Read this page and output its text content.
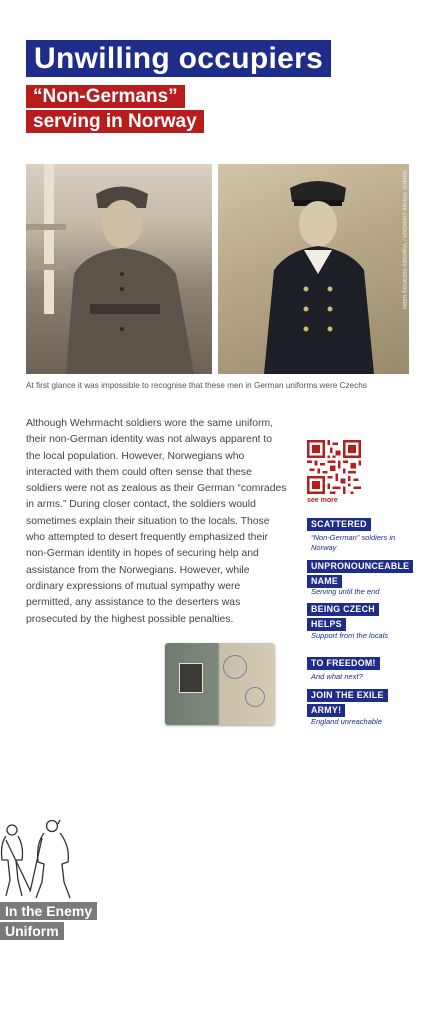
Unwilling occupiers
“Non-Germans”
serving in Norway
Source: Private collection / Vojenský historický ústav
At first glance it was impossible to recognise that these men in German uniforms were Czechs
Although Wehrmacht soldiers wore the same uniform, their non-German identity was not always apparent to the local population. However, Norwegians who interacted with them could often sense that these soldiers were not as zealous as their German “comrades in arms.” During closer contact, the soldiers would sometimes explain their situation to the locals. Those who attempted to desert frequently emphasized their non-German identity in hopes of securing help and assistance from the Norwegians. However, while ordinary expressions of mutual sympathy were permitted, any assistance to the deserters was prosecuted by the highest possible penalties.
see more
SCATTERED
“Non-German” soldiers in Norway
UNPRONOUNCEABLE
NAME
Serving until the end
BEING CZECH
HELPS
Support from the locals
TO FREEDOM!
And what next?
JOIN THE EXILE
ARMY!
England unreachable
In the Enemy
Uniform
